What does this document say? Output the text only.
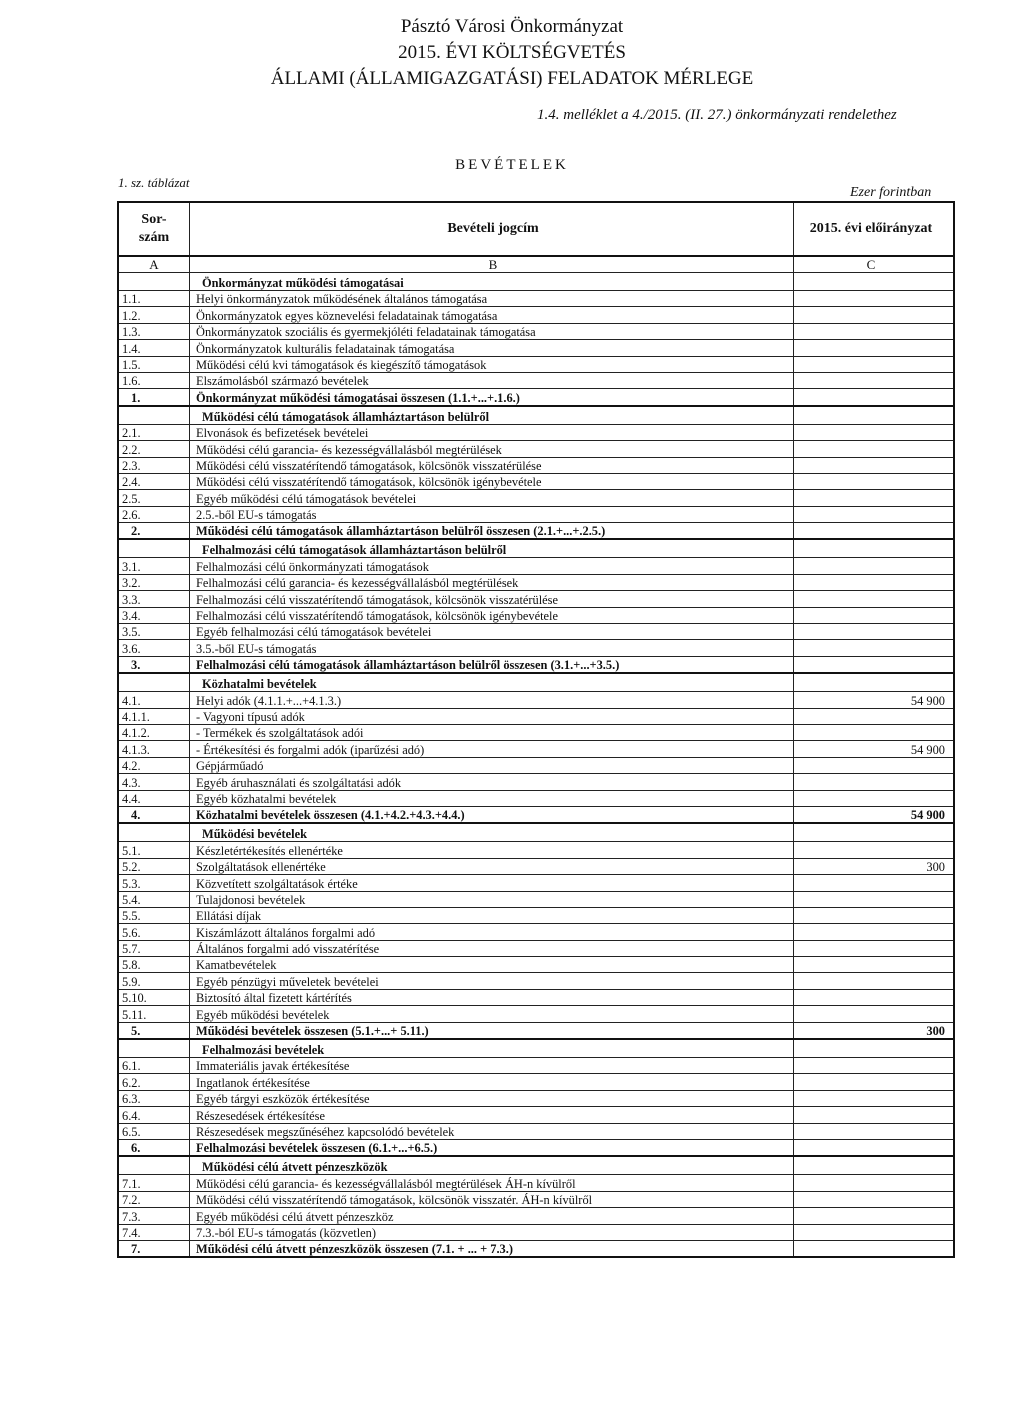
Pásztó Városi Önkormányzat
2015. ÉVI KÖLTSÉGVETÉS
ÁLLAMI (ÁLLAMIGAZGATÁSI) FELADATOK MÉRLEGE
1.4. melléklet a 4./2015. (II. 27.) önkormányzati rendelethez
BEVÉTELEK
1. sz. táblázat
Ezer forintban
Sor-
szám	Bevételi jogcím	2015. évi előirányzat
A	B	C
	Önkormányzat működési támogatásai	
1.1.	Helyi önkormányzatok működésének általános támogatása	
1.2.	Önkormányzatok egyes köznevelési feladatainak támogatása	
1.3.	Önkormányzatok szociális és gyermekjóléti feladatainak támogatása	
1.4.	Önkormányzatok kulturális feladatainak támogatása	
1.5.	Működési célú kvi támogatások és kiegészítő támogatások	
1.6.	Elszámolásból származó bevételek	
1.	Önkormányzat működési támogatásai összesen (1.1.+...+.1.6.)	
	Működési célú támogatások államháztartáson belülről	
2.1.	Elvonások és befizetések bevételei	
2.2.	Működési célú garancia- és kezességvállalásból megtérülések	
2.3.	Működési célú visszatérítendő támogatások, kölcsönök visszatérülése	
2.4.	Működési célú visszatérítendő támogatások, kölcsönök igénybevétele	
2.5.	Egyéb működési célú támogatások bevételei	
2.6.	2.5.-ből EU-s támogatás	
2.	Működési célú támogatások államháztartáson belülről összesen (2.1.+...+.2.5.)	
	Felhalmozási célú támogatások államháztartáson belülről	
3.1.	Felhalmozási célú önkormányzati támogatások	
3.2.	Felhalmozási célú garancia- és kezességvállalásból megtérülések	
3.3.	Felhalmozási célú visszatérítendő támogatások, kölcsönök visszatérülése	
3.4.	Felhalmozási célú visszatérítendő támogatások, kölcsönök igénybevétele	
3.5.	Egyéb felhalmozási célú támogatások bevételei	
3.6.	3.5.-ből EU-s támogatás	
3.	Felhalmozási célú támogatások államháztartáson belülről összesen (3.1.+...+3.5.)	
	Közhatalmi bevételek	
4.1.	Helyi adók (4.1.1.+...+4.1.3.)	54 900
4.1.1.	- Vagyoni típusú adók	
4.1.2.	- Termékek és szolgáltatások adói	
4.1.3.	- Értékesítési és forgalmi adók (iparűzési adó)	54 900
4.2.	Gépjárműadó	
4.3.	Egyéb áruhasználati és szolgáltatási adók	
4.4.	Egyéb közhatalmi bevételek	
4.	Közhatalmi bevételek összesen (4.1.+4.2.+4.3.+4.4.)	54 900
	Működési bevételek	
5.1.	Készletértékesítés ellenértéke	
5.2.	Szolgáltatások ellenértéke	300
5.3.	Közvetített szolgáltatások értéke	
5.4.	Tulajdonosi bevételek	
5.5.	Ellátási díjak	
5.6.	Kiszámlázott általános forgalmi adó	
5.7.	Általános forgalmi adó visszatérítése	
5.8.	Kamatbevételek	
5.9.	Egyéb pénzügyi műveletek bevételei	
5.10.	Biztosító által fizetett kártérítés	
5.11.	Egyéb működési bevételek	
5.	Működési bevételek összesen (5.1.+...+ 5.11.)	300
	Felhalmozási bevételek	
6.1.	Immateriális javak értékesítése	
6.2.	Ingatlanok értékesítése	
6.3.	Egyéb tárgyi eszközök értékesítése	
6.4.	Részesedések értékesítése	
6.5.	Részesedések megszűnéséhez kapcsolódó bevételek	
6.	Felhalmozási bevételek összesen (6.1.+...+6.5.)	
	Működési célú átvett pénzeszközök	
7.1.	Működési célú garancia- és kezességvállalásból megtérülések ÁH-n kívülről	
7.2.	Működési célú visszatérítendő támogatások, kölcsönök visszatér. ÁH-n kívülről	
7.3.	Egyéb működési célú átvett pénzeszköz	
7.4.	7.3.-ból EU-s támogatás (közvetlen)	
7.	Működési célú átvett pénzeszközök összesen (7.1. + ... + 7.3.)	
